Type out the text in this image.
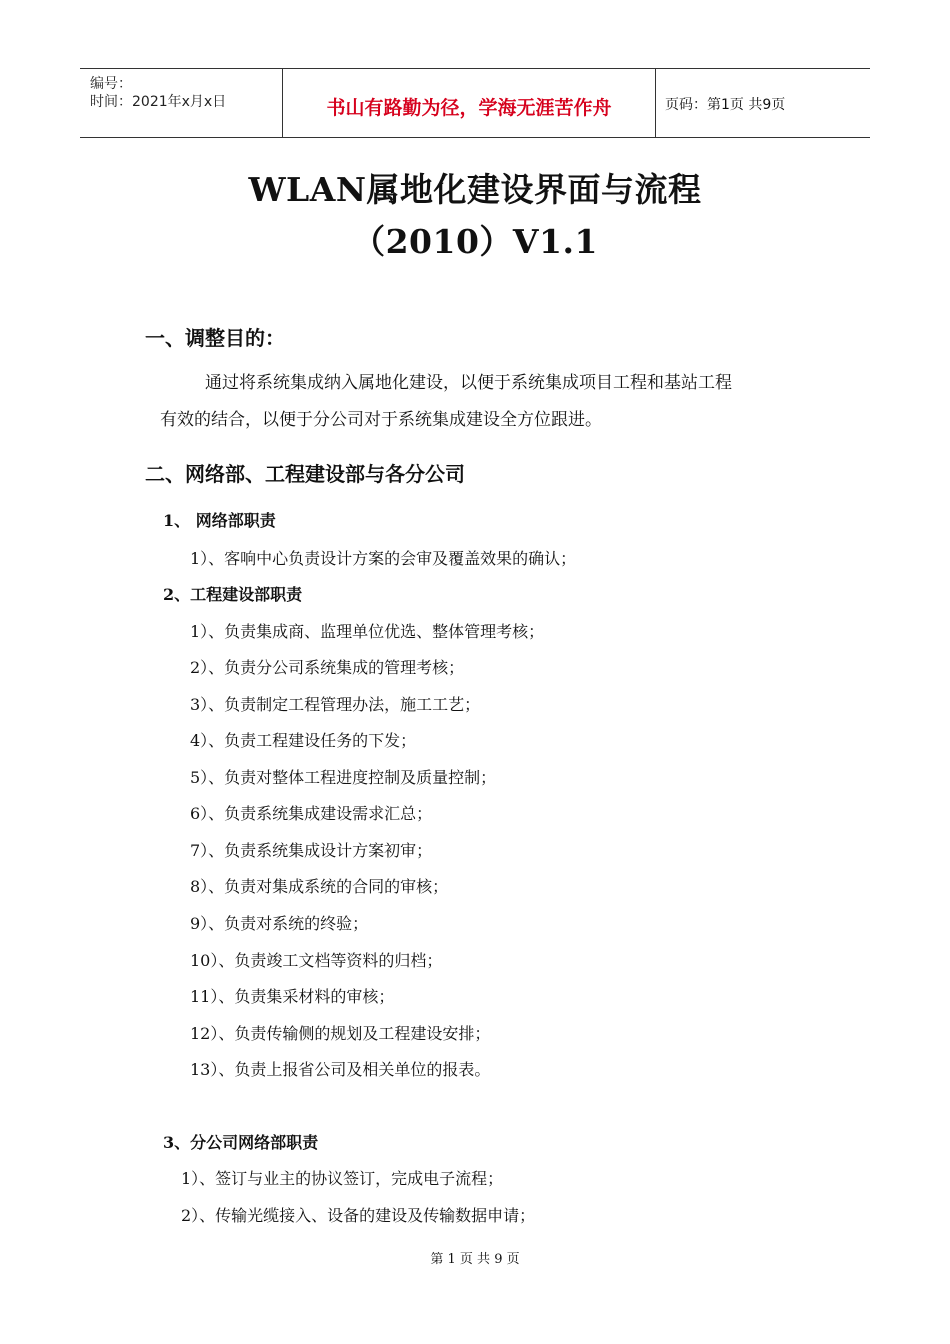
编号：
时间：2021年x月x日	书山有路勤为径，学海无涯苦作舟	页码：第1页 共9页
WLAN属地化建设界面与流程
（2010）V1.1
一、调整目的：
通过将系统集成纳入属地化建设，以便于系统集成项目工程和基站工程
有效的结合，以便于分公司对于系统集成建设全方位跟进。
二、网络部、工程建设部与各分公司
1、 网络部职责
1）、客响中心负责设计方案的会审及覆盖效果的确认；
2、工程建设部职责
1）、负责集成商、监理单位优选、整体管理考核；
2）、负责分公司系统集成的管理考核；
3）、负责制定工程管理办法，施工工艺；
4）、负责工程建设任务的下发；
5）、负责对整体工程进度控制及质量控制；
6）、负责系统集成建设需求汇总；
7）、负责系统集成设计方案初审；
8）、负责对集成系统的合同的审核；
9）、负责对系统的终验；
10）、负责竣工文档等资料的归档；
11）、负责集采材料的审核；
12）、负责传输侧的规划及工程建设安排；
13）、负责上报省公司及相关单位的报表。
3、分公司网络部职责
1）、签订与业主的协议签订，完成电子流程；
2）、传输光缆接入、设备的建设及传输数据申请；
第 1 页 共 9 页
